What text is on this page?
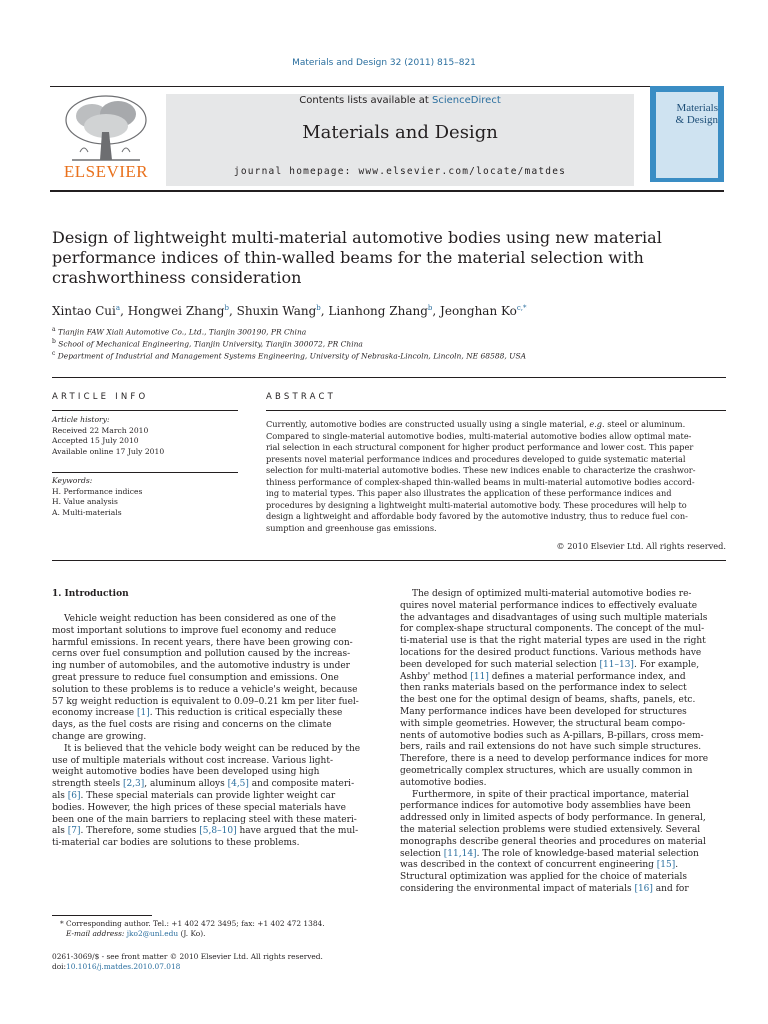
Materials and Design 32 (2011) 815–821
ELSEVIER
Contents lists available at ScienceDirect
Materials and Design
journal homepage: www.elsevier.com/locate/matdes
Materials
& Design
Design of lightweight multi-material automotive bodies using new material performance indices of thin-walled beams for the material selection with crashworthiness consideration
Xintao Cui$^a$, Hongwei Zhang$^b$, Shuxin Wang$^b$, Lianhong Zhang$^b$, Jeonghan $Ko^{c,*}$
$^a$ Tianjin FAW Xiali Automotive Co., Ltd., Tianjin 300190, PR China
$^b$ School of Mechanical Engineering, Tianjin University, Tianjin 300072, PR China
$^c$ Department of Industrial and Management Systems Engineering, University of Nebraska-Lincoln, Lincoln, NE 68588, USA
ARTICLE INFO
Article history:
Received 22 March 2010
Accepted 15 July 2010
Available online 17 July 2010
Keywords:
H. Performance indices
H. Value analysis
A. Multi-materials
ABSTRACT
Currently, automotive bodies are constructed usually using a single material, e.g. steel or aluminum.
Compared to single-material automotive bodies, multi-material automotive bodies allow optimal mate-
rial selection in each structural component for higher product performance and lower cost. This paper
presents novel material performance indices and procedures developed to guide systematic material
selection for multi-material automotive bodies. These new indices enable to characterize the crashwor-
thiness performance of complex-shaped thin-walled beams in multi-material automotive bodies accord-
ing to material types. This paper also illustrates the application of these performance indices and
procedures by designing a lightweight multi-material automotive body. These procedures will help to
design a lightweight and affordable body favored by the automotive industry, thus to reduce fuel con-
sumption and greenhouse gas emissions.
© 2010 Elsevier Ltd. All rights reserved.
1. Introduction
Vehicle weight reduction has been considered as one of the
most important solutions to improve fuel economy and reduce
harmful emissions. In recent years, there have been growing con-
cerns over fuel consumption and pollution caused by the increas-
ing number of automobiles, and the automotive industry is under
great pressure to reduce fuel consumption and emissions. One
solution to these problems is to reduce a vehicle's weight, because
57 kg weight reduction is equivalent to 0.09–0.21 km per liter fuel-
economy increase [1]. This reduction is critical especially these
days, as the fuel costs are rising and concerns on the climate
change are growing.
It is believed that the vehicle body weight can be reduced by the
use of multiple materials without cost increase. Various light-
weight automotive bodies have been developed using high
strength steels [2,3], aluminum alloys [4,5] and composite materi-
als [6]. These special materials can provide lighter weight car
bodies. However, the high prices of these special materials have
been one of the main barriers to replacing steel with these materi-
als [7]. Therefore, some studies [5,8–10] have argued that the mul-
ti-material car bodies are solutions to these problems.
The design of optimized multi-material automotive bodies re-
quires novel material performance indices to effectively evaluate
the advantages and disadvantages of using such multiple materials
for complex-shape structural components. The concept of the mul-
ti-material use is that the right material types are used in the right
locations for the desired product functions. Various methods have
been developed for such material selection [11–13]. For example,
Ashby' method [11] defines a material performance index, and
then ranks materials based on the performance index to select
the best one for the optimal design of beams, shafts, panels, etc.
Many performance indices have been developed for structures
with simple geometries. However, the structural beam compo-
nents of automotive bodies such as A-pillars, B-pillars, cross mem-
bers, rails and rail extensions do not have such simple structures.
Therefore, there is a need to develop performance indices for more
geometrically complex structures, which are usually common in
automotive bodies.
Furthermore, in spite of their practical importance, material
performance indices for automotive body assemblies have been
addressed only in limited aspects of body performance. In general,
the material selection problems were studied extensively. Several
monographs describe general theories and procedures on material
selection [11,14]. The role of knowledge-based material selection
was described in the context of concurrent engineering [15].
Structural optimization was applied for the choice of materials
considering the environmental impact of materials [16] and for
* Corresponding author. Tel.: +1 402 472 3495; fax: +1 402 472 1384.
E-mail address: jko2@unl.edu (J. Ko).
0261-3069/$ - see front matter © 2010 Elsevier Ltd. All rights reserved.
doi:10.1016/j.matdes.2010.07.018
